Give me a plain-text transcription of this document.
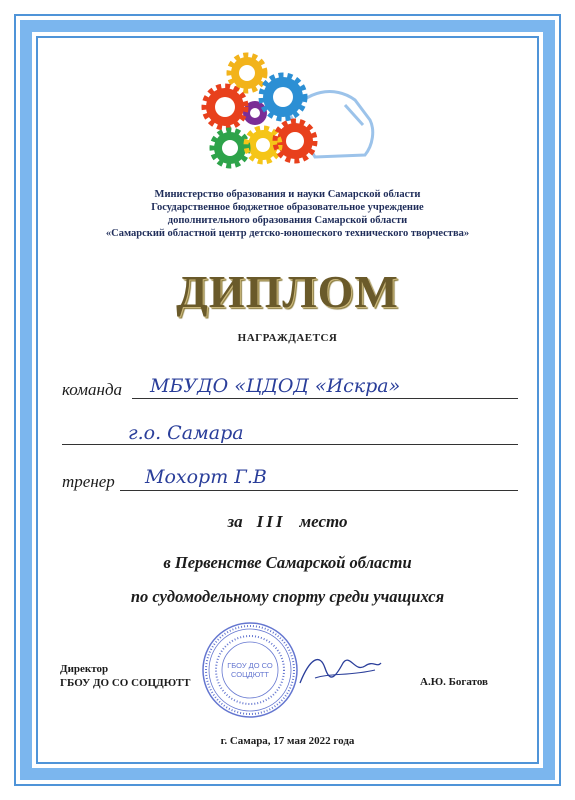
Министерство образования и науки Самарской области
Государственное бюджетное образовательное учреждение
дополнительного образования Самарской области
«Самарский областной центр детско-юношеского технического творчества»
ДИПЛОМ
НАГРАЖДАЕТСЯ
команда МБУДО «ЦДОД «Искра»
г.о. Самара
тренер Мохорт Г.В
за III место
в Первенстве Самарской области
по судомодельному спорту среди учащихся
ГБОУ ДО СО
СОЦДЮТТ
Директор
ГБОУ ДО СО СОЦДЮТТ	А.Ю. Богатов
г. Самара, 17 мая 2022 года
